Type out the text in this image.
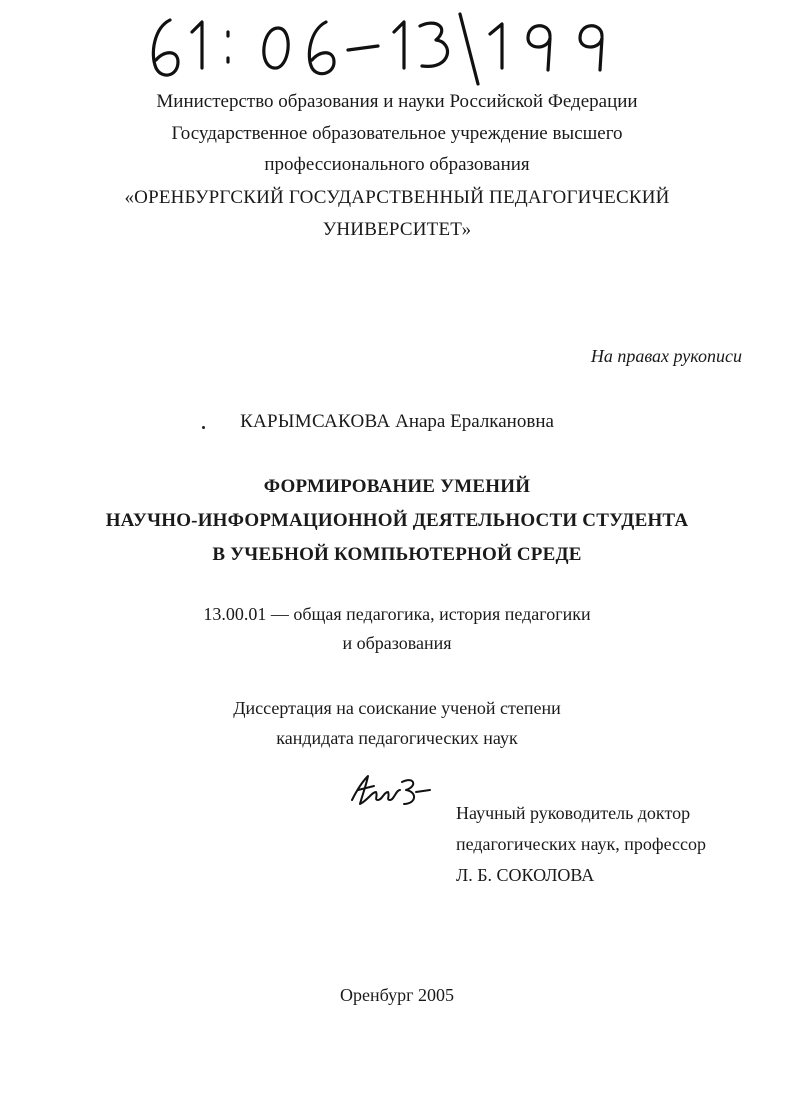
Министерство образования и науки Российской Федерации
Государственное образовательное учреждение высшего
профессионального образования
«ОРЕНБУРГСКИЙ ГОСУДАРСТВЕННЫЙ ПЕДАГОГИЧЕСКИЙ
УНИВЕРСИТЕТ»
На правах рукописи
КАРЫМСАКОВА Анара Ералкановна
ФОРМИРОВАНИЕ УМЕНИЙ
НАУЧНО-ИНФОРМАЦИОННОЙ ДЕЯТЕЛЬНОСТИ СТУДЕНТА
В УЧЕБНОЙ КОМПЬЮТЕРНОЙ СРЕДЕ
13.00.01 — общая педагогика, история педагогики
и образования
Диссертация на соискание ученой степени
кандидата педагогических наук
Научный руководитель доктор
педагогических наук, профессор
Л. Б. СОКОЛОВА
Оренбург 2005
